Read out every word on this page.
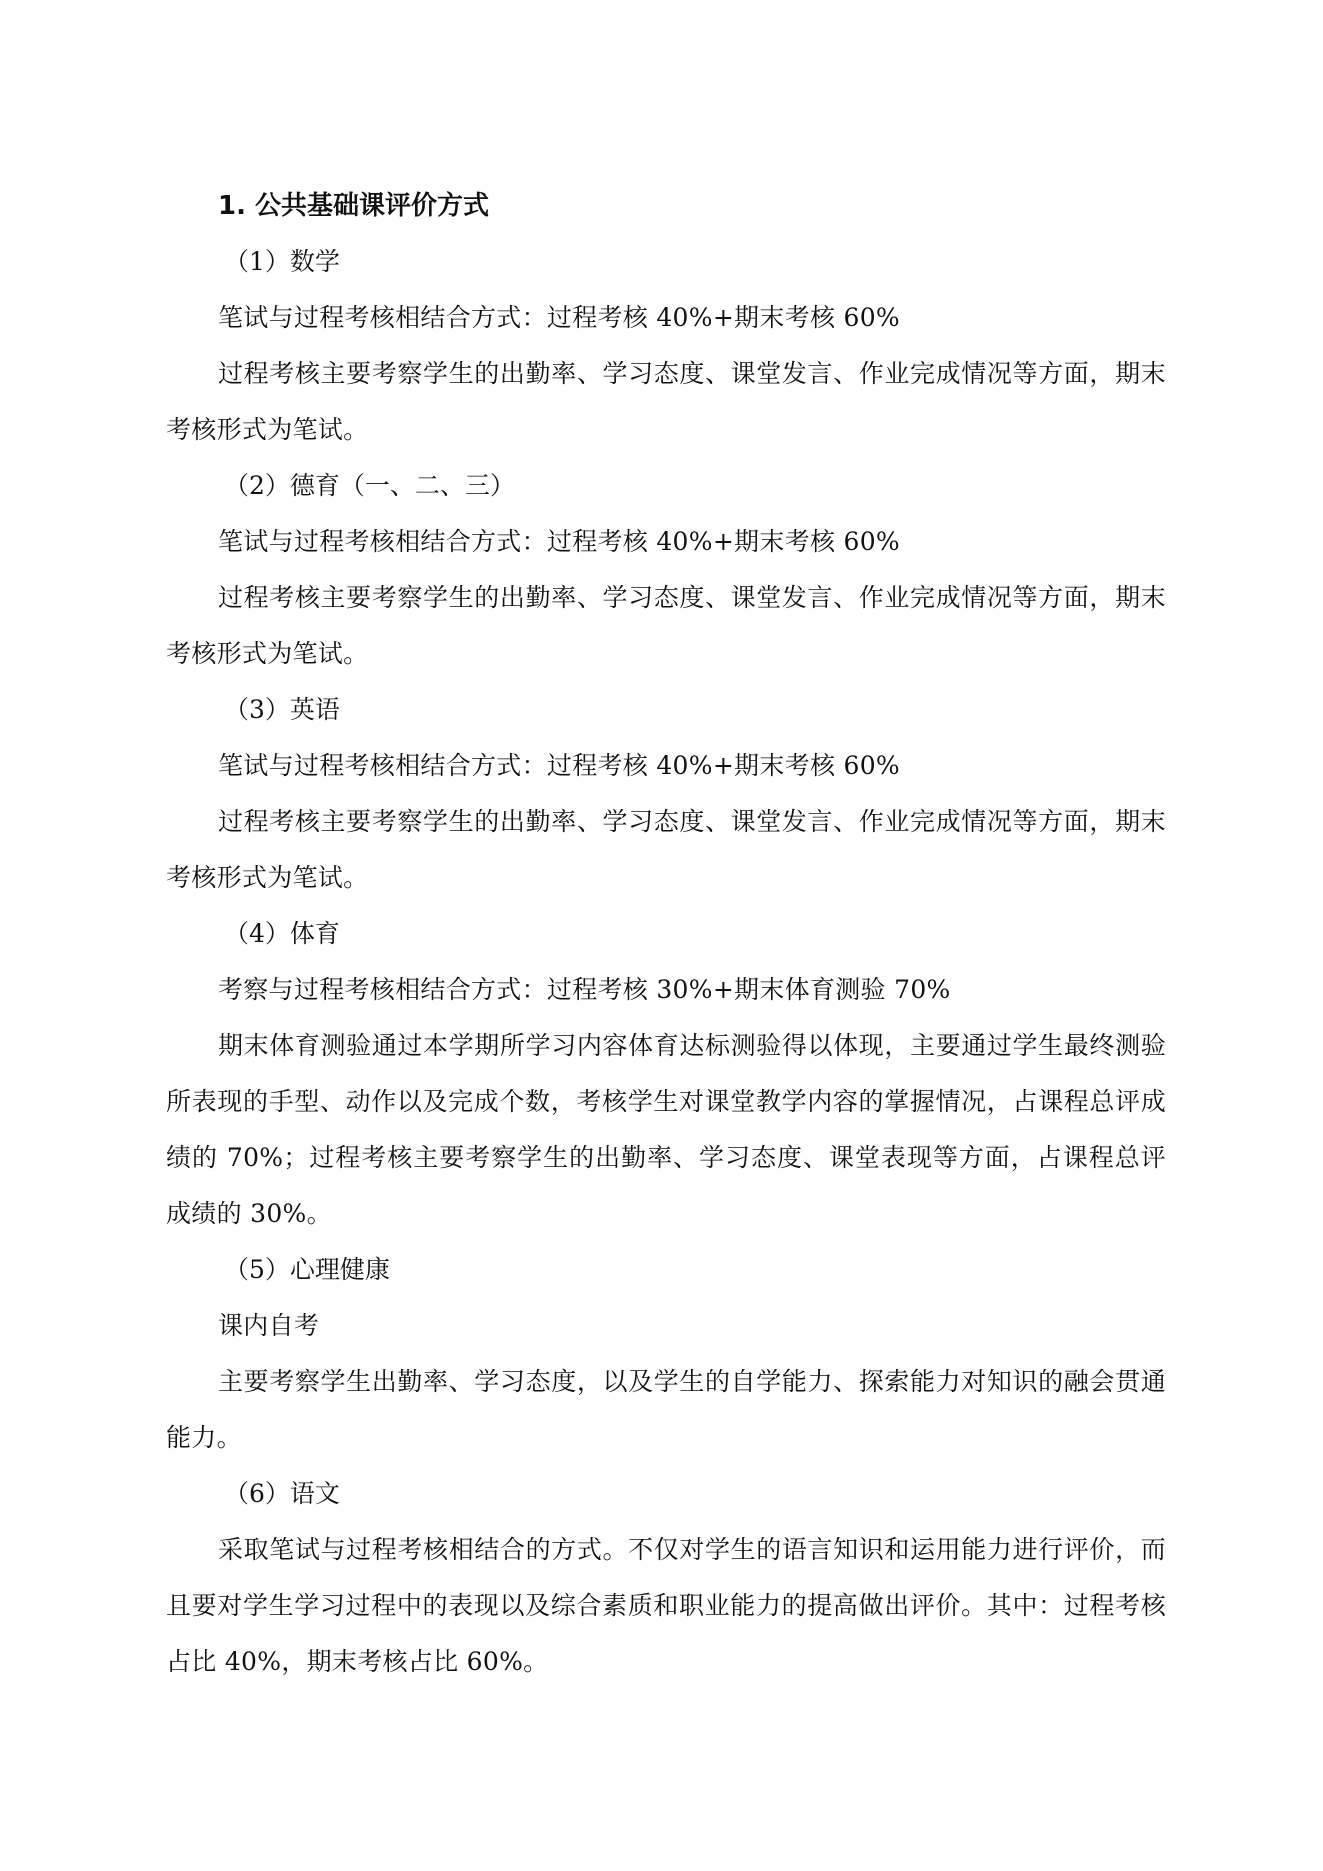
1. 公共基础课评价方式

（1）数学

笔试与过程考核相结合方式：过程考核 40%+期末考核 60%

过程考核主要考察学生的出勤率、学习态度、课堂发言、作业完成情况等方面，期末考核形式为笔试。

（2）德育（一、二、三）

笔试与过程考核相结合方式：过程考核 40%+期末考核 60%

过程考核主要考察学生的出勤率、学习态度、课堂发言、作业完成情况等方面，期末考核形式为笔试。

（3）英语

笔试与过程考核相结合方式：过程考核 40%+期末考核 60%

过程考核主要考察学生的出勤率、学习态度、课堂发言、作业完成情况等方面，期末考核形式为笔试。

（4）体育

考察与过程考核相结合方式：过程考核 30%+期末体育测验 70%

期末体育测验通过本学期所学习内容体育达标测验得以体现，主要通过学生最终测验所表现的手型、动作以及完成个数，考核学生对课堂教学内容的掌握情况，占课程总评成绩的 70%；过程考核主要考察学生的出勤率、学习态度、课堂表现等方面，占课程总评成绩的 30%。

（5）心理健康

课内自考

主要考察学生出勤率、学习态度，以及学生的自学能力、探索能力对知识的融会贯通能力。

（6）语文

采取笔试与过程考核相结合的方式。不仅对学生的语言知识和运用能力进行评价，而且要对学生学习过程中的表现以及综合素质和职业能力的提高做出评价。其中：过程考核占比 40%，期末考核占比 60%。
